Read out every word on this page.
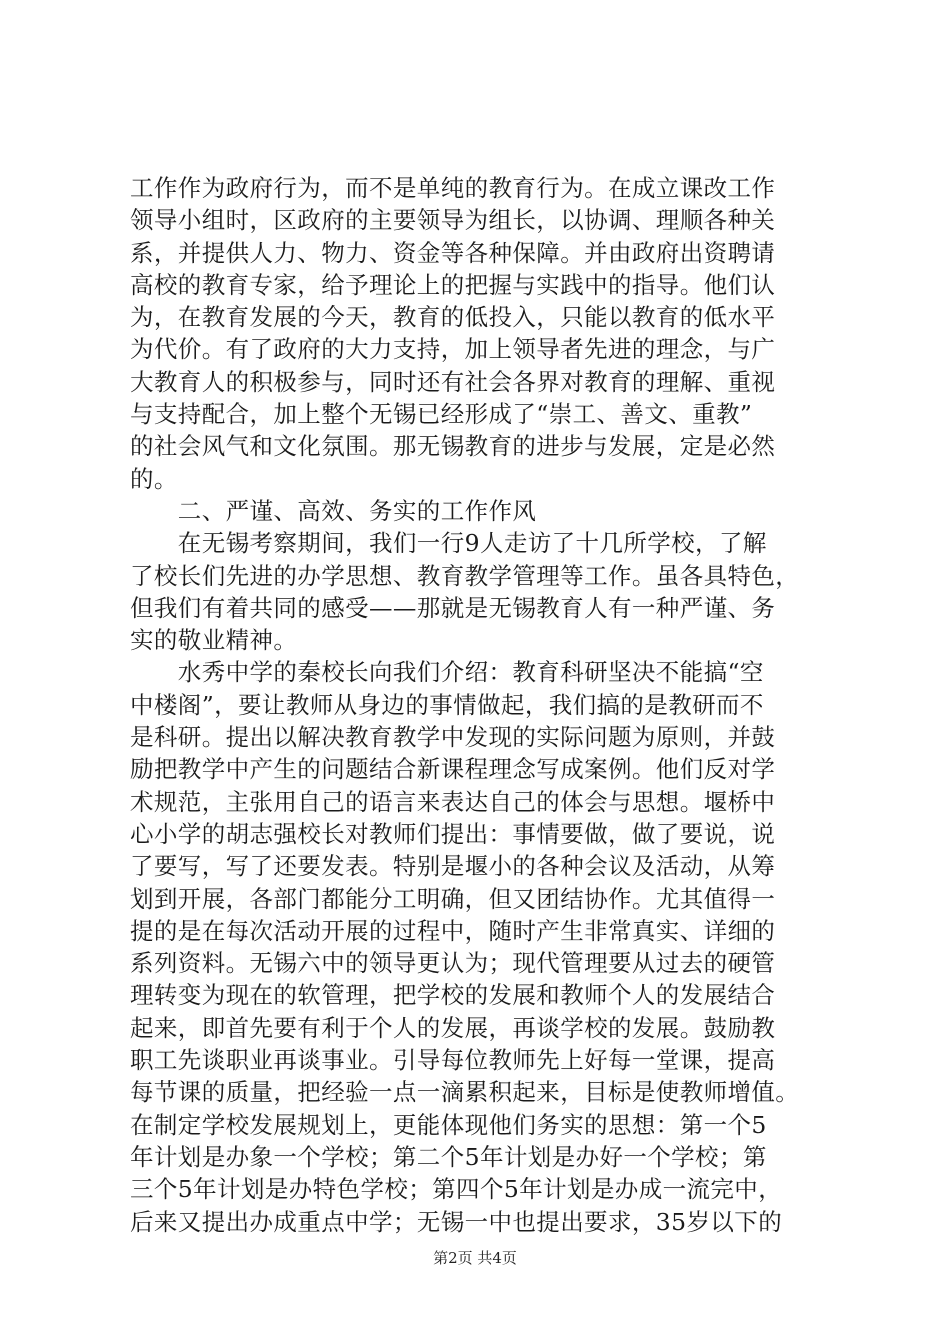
工作作为政府行为，而不是单纯的教育行为。在成立课改工作
领导小组时，区政府的主要领导为组长，以协调、理顺各种关
系，并提供人力、物力、资金等各种保障。并由政府出资聘请
高校的教育专家，给予理论上的把握与实践中的指导。他们认
为，在教育发展的今天，教育的低投入，只能以教育的低水平
为代价。有了政府的大力支持，加上领导者先进的理念，与广
大教育人的积极参与，同时还有社会各界对教育的理解、重视
与支持配合，加上整个无锡已经形成了“崇工、善文、重教”
的社会风气和文化氛围。那无锡教育的进步与发展，定是必然
的。
　　二、严谨、高效、务实的工作作风
　　在无锡考察期间，我们一行9人走访了十几所学校，了解
了校长们先进的办学思想、教育教学管理等工作。虽各具特色，
但我们有着共同的感受——那就是无锡教育人有一种严谨、务
实的敬业精神。
　　水秀中学的秦校长向我们介绍：教育科研坚决不能搞“空
中楼阁”，要让教师从身边的事情做起，我们搞的是教研而不
是科研。提出以解决教育教学中发现的实际问题为原则，并鼓
励把教学中产生的问题结合新课程理念写成案例。他们反对学
术规范，主张用自己的语言来表达自己的体会与思想。堰桥中
心小学的胡志强校长对教师们提出：事情要做，做了要说，说
了要写，写了还要发表。特别是堰小的各种会议及活动，从筹
划到开展，各部门都能分工明确，但又团结协作。尤其值得一
提的是在每次活动开展的过程中，随时产生非常真实、详细的
系列资料。无锡六中的领导更认为；现代管理要从过去的硬管
理转变为现在的软管理，把学校的发展和教师个人的发展结合
起来，即首先要有利于个人的发展，再谈学校的发展。鼓励教
职工先谈职业再谈事业。引导每位教师先上好每一堂课，提高
每节课的质量，把经验一点一滴累积起来，目标是使教师增值。
在制定学校发展规划上，更能体现他们务实的思想：第一个5
年计划是办象一个学校；第二个5年计划是办好一个学校；第
三个5年计划是办特色学校；第四个5年计划是办成一流完中，
后来又提出办成重点中学；无锡一中也提出要求，35岁以下的
第2页 共4页
